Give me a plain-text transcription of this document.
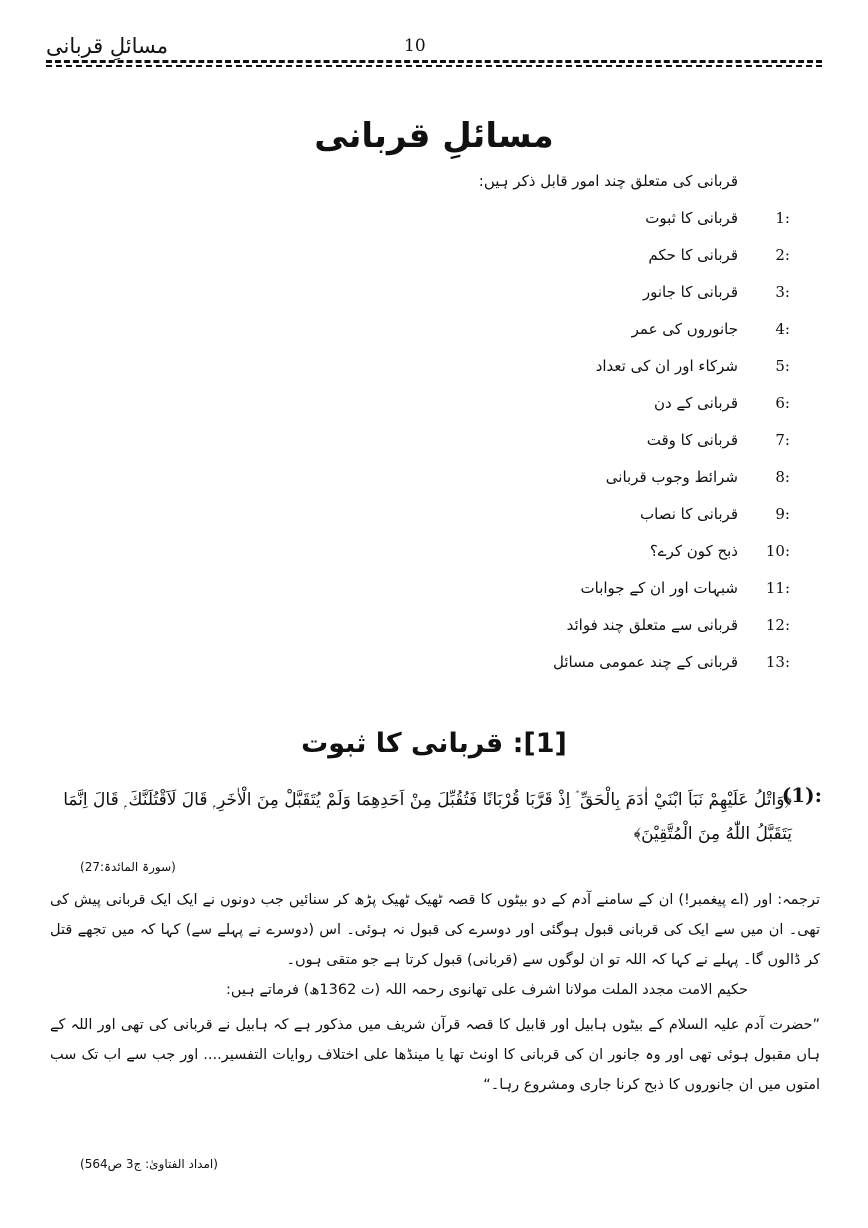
مسائلِ قربانی	10
مسائلِ قربانی
قربانی کی متعلق چند امور قابل ذکر ہیں:
1:
قربانی کا ثبوت
2:
قربانی کا حکم
3:
قربانی کا جانور
4:
جانوروں کی عمر
5:
شرکاء اور ان کی تعداد
6:
قربانی کے دن
7:
قربانی کا وقت
8:
شرائط وجوب قربانی
9:
قربانی کا نصاب
10:
ذبح کون کرے؟
11:
شبہات اور ان کے جوابات
12:
قربانی سے متعلق چند فوائد
13:
قربانی کے چند عمومی مسائل
[1]: قربانی کا ثبوت
(1):
﴿وَاتْلُ عَلَيْهِمْ نَبَاَ ابْنَيْ اٰدَمَ بِالْحَقِّ ۘ اِذْ قَرَّبَا قُرْبَانًا فَتُقُبِّلَ مِنْ اَحَدِهِمَا وَلَمْ يُتَقَبَّلْ مِنَ الْاٰخَرِ ۭ قَالَ لَاَقْتُلَنَّكَ ۭ قَالَ اِنَّمَا يَتَقَبَّلُ اللّٰهُ مِنَ الْمُتَّقِيْنَ﴾
(سورۃ المائدۃ:27)
ترجمہ: اور (اے پیغمبر!) ان کے سامنے آدم کے دو بیٹوں کا قصہ ٹھیک ٹھیک پڑھ کر سنائیں جب دونوں نے ایک ایک قربانی پیش کی تھی۔ ان میں سے ایک کی قربانی قبول ہوگئی اور دوسرے کی قبول نہ ہوئی۔ اس (دوسرے نے پہلے سے) کہا کہ میں تجھے قتل کر ڈالوں گا۔ پہلے نے کہا کہ اللہ تو ان لوگوں سے (قربانی) قبول کرتا ہے جو متقی ہوں۔
حکیم الامت مجدد الملت مولانا اشرف علی تھانوی رحمہ اللہ (ت 1362ھ) فرماتے ہیں:
”حضرت آدم علیہ السلام کے بیٹوں ہابیل اور قابیل کا قصہ قرآن شریف میں مذکور ہے کہ ہابیل نے قربانی کی تھی اور اللہ کے ہاں مقبول ہوئی تھی اور وہ جانور ان کی قربانی کا اونٹ تھا یا مینڈھا علی اختلاف روایات التفسیر.... اور جب سے اب تک سب امتوں میں ان جانوروں کا ذبح کرنا جاری ومشروع رہا۔“
(امداد الفتاویٰ: ج3 ص564)
